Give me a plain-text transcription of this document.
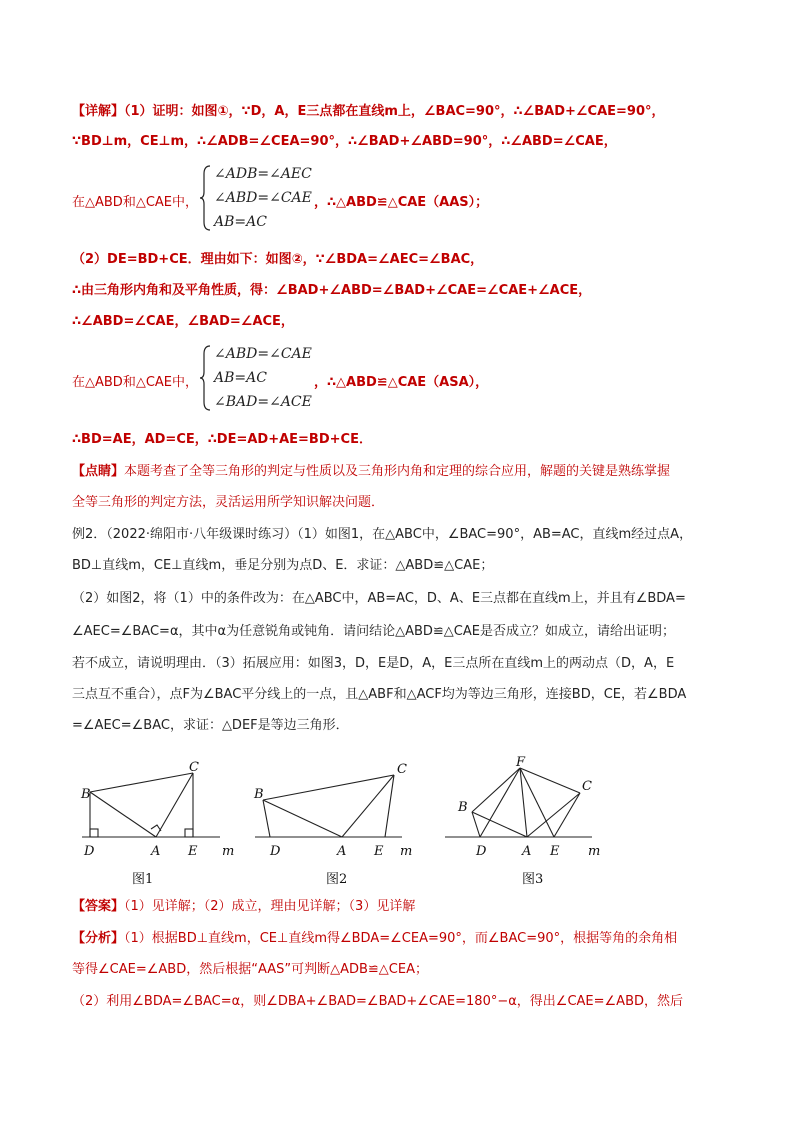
【详解】（1）证明：如图①，∵D，A，E三点都在直线m上，∠BAC=90°，∴∠BAD+∠CAE=90°，
∵BD⊥m，CE⊥m，∴∠ADB=∠CEA=90°，∴∠BAD+∠ABD=90°，∴∠ABD=∠CAE，
在△ABD和△CAE中，
∠ADB=∠AEC
∠ABD=∠CAE
AB=AC
，∴△ABD≌△CAE（AAS）；
（2）DE=BD+CE．理由如下：如图②，∵∠BDA=∠AEC=∠BAC，
∴由三角形内角和及平角性质，得：∠BAD+∠ABD=∠BAD+∠CAE=∠CAE+∠ACE，
∴∠ABD=∠CAE，∠BAD=∠ACE，
在△ABD和△CAE中，
∠ABD=∠CAE
AB=AC
∠BAD=∠ACE
，∴△ABD≌△CAE（ASA），
∴BD=AE，AD=CE，∴DE=AD+AE=BD+CE．
【点睛】本题考查了全等三角形的判定与性质以及三角形内角和定理的综合应用，解题的关键是熟练掌握
全等三角形的判定方法，灵活运用所学知识解决问题．
例2．（2022·绵阳市·八年级课时练习）（1）如图1，在△ABC中，∠BAC=90°，AB=AC，直线m经过点A，
BD⊥直线m，CE⊥直线m，垂足分别为点D、E．求证：△ABD≌△CAE；
（2）如图2，将（1）中的条件改为：在△ABC中，AB=AC，D、A、E三点都在直线m上，并且有∠BDA=
∠AEC=∠BAC=α，其中α为任意锐角或钝角．请问结论△ABD≌△CAE是否成立？如成立，请给出证明；
若不成立，请说明理由．（3）拓展应用：如图3，D，E是D，A，E三点所在直线m上的两动点（D，A，E
三点互不重合），点F为∠BAC平分线上的一点，且△ABF和△ACF均为等边三角形，连接BD，CE，若∠BDA
=∠AEC=∠BAC，求证：△DEF是等边三角形．
B
C
D	A E m
图1
B
C
D	A E m
图2
F
B
C
D	A E m
图3
【答案】（1）见详解；（2）成立，理由见详解；（3）见详解
【分析】（1）根据BD⊥直线m，CE⊥直线m得∠BDA=∠CEA=90°，而∠BAC=90°，根据等角的余角相
等得∠CAE=∠ABD，然后根据“AAS”可判断△ADB≌△CEA；
（2）利用∠BDA=∠BAC=α，则∠DBA+∠BAD=∠BAD+∠CAE=180°−α，得出∠CAE=∠ABD，然后
